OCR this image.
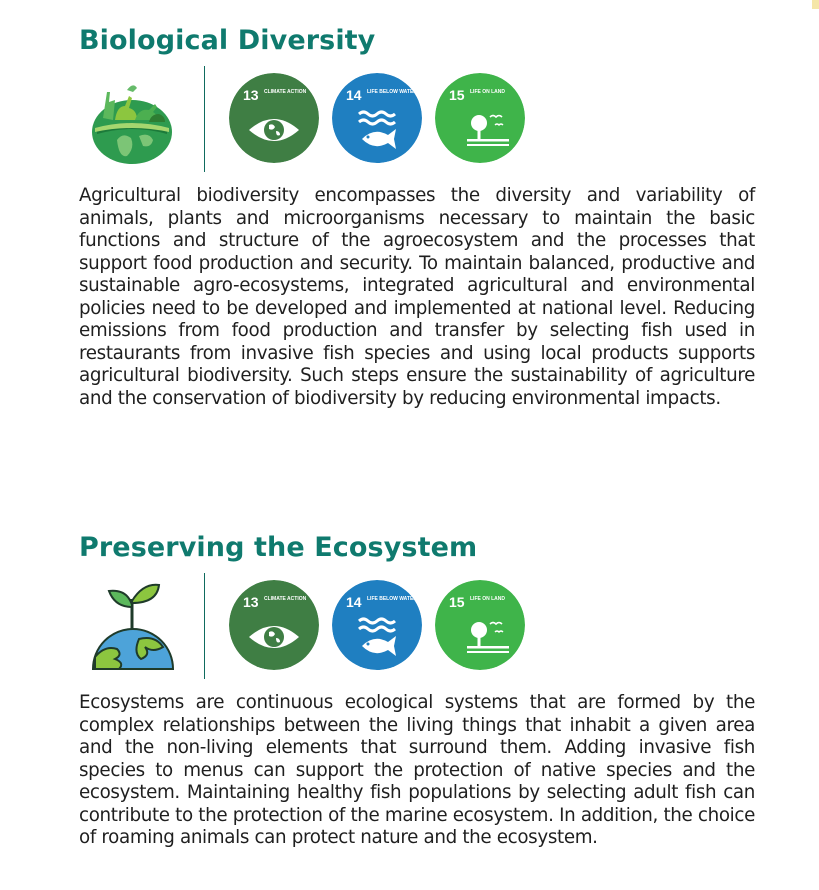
Biological Diversity
13 CLIMATE ACTION	14 LIFE BELOW WATER 15 LIFE ON LAND

Agricultural biodiversity encompasses the diversity and variability of animals, plants and microorganisms necessary to maintain the basic functions and structure of the agroecosystem and the processes that support food production and security. To maintain balanced, productive and sustainable agro-ecosystems, integrated agricultural and environmental policies need to be developed and implemented at national level. Reducing emissions from food production and transfer by selecting fish used in restaurants from invasive fish species and using local products supports agricultural biodiversity. Such steps ensure the sustainability of agriculture and the conservation of biodiversity by reducing environmental impacts.

Preserving the Ecosystem
13 CLIMATE ACTION	14 LIFE BELOW WATER 15 LIFE ON LAND

Ecosystems are continuous ecological systems that are formed by the complex relationships between the living things that inhabit a given area and the non-living elements that surround them. Adding invasive fish species to menus can support the protection of native species and the ecosystem. Maintaining healthy fish populations by selecting adult fish can contribute to the protection of the marine ecosystem. In addition, the choice of roaming animals can protect nature and the ecosystem.
